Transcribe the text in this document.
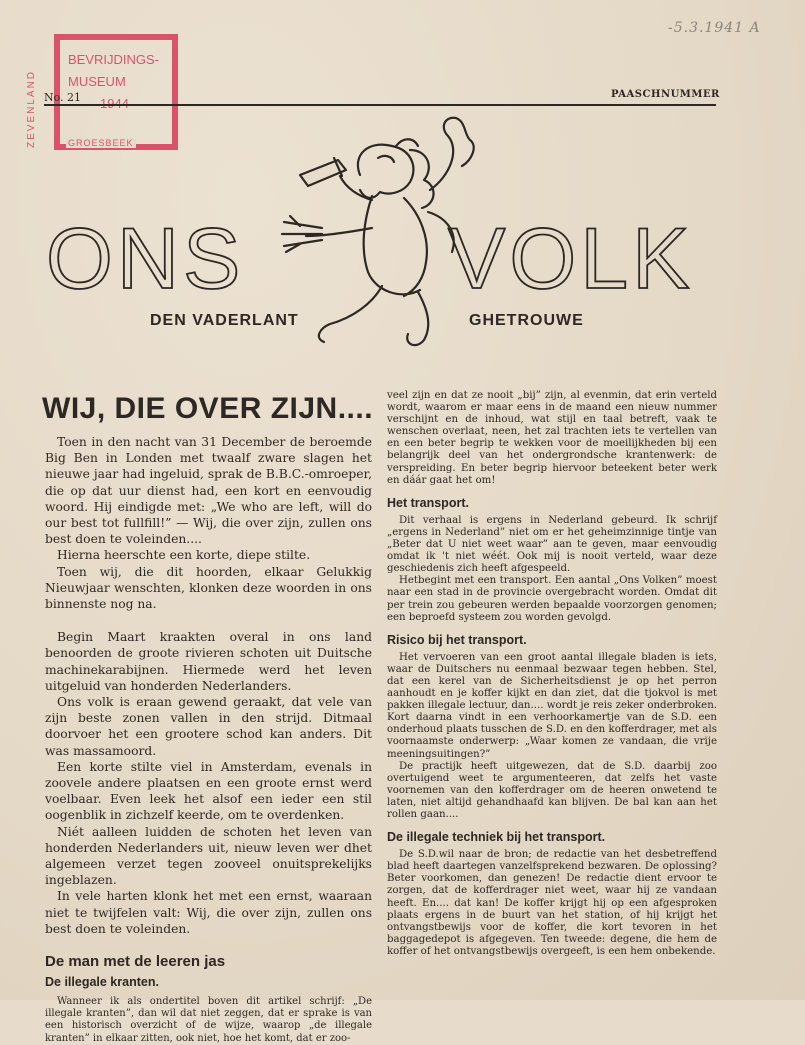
-5.3.1941 A
ZEVENLAND
BEVRIJDINGS-
MUSEUM
GROESBEEK
No. 21	PAASCHNUMMER
ONS VOLK
DEN VADERLANT	GHETROUWE
WIJ, DIE OVER ZIJN....

Toen in den nacht van 31 December de beroemde Big Ben in Londen met twaalf zware slagen het nieuwe jaar had ingeluid, sprak de B.B.C.-omroeper, die op dat uur dienst had, een kort en eenvoudig woord. Hij eindigde met: „We who are left, will do our best tot fullfill!” — Wij, die over zijn, zullen ons best doen te voleinden....

Hierna heerschte een korte, diepe stilte.

Toen wij, die dit hoorden, elkaar Gelukkig Nieuwjaar wenschten, klonken deze woorden in ons binnenste nog na.

Begin Maart kraakten overal in ons land benoorden de groote rivieren schoten uit Duitsche machinekarabijnen. Hiermede werd het leven uitgeluid van honderden Nederlanders.

Ons volk is eraan gewend geraakt, dat vele van zijn beste zonen vallen in den strijd. Ditmaal doorvoer het een grootere schod kan anders. Dit was massamoord.

Een korte stilte viel in Amsterdam, evenals in zoovele andere plaatsen en een groote ernst werd voelbaar. Even leek het alsof een ieder een stil oogenblik in zichzelf keerde, om te overdenken.

Niét aalleen luidden de schoten het leven van honderden Nederlanders uit, nieuw leven wer dhet algemeen verzet tegen zooveel onuitsprekelijks ingeblazen.

In vele harten klonk het met een ernst, waaraan niet te twijfelen valt: Wij, die over zijn, zullen ons best doen te voleinden.

De man met de leeren jas
De illegale kranten.

Wanneer ik als ondertitel boven dit artikel schrijf: „De illegale kranten”, dan wil dat niet zeggen, dat er sprake is van een historisch overzicht of de wijze, waarop „de illegale kranten” in elkaar zitten, ook niet, hoe het komt, dat er zoo-

veel zijn en dat ze nooit „bij” zijn, al evenmin, dat erin verteld wordt, waarom er maar eens in de maand een nieuw nummer verschijnt en de inhoud, wat stijl en taal betreft, vaak te wenschen overlaat, neen, het zal trachten iets te vertellen van en een beter begrip te wekken voor de moeilijkheden bij een belangrijk deel van het ondergrondsche krantenwerk: de verspreiding. En beter begrip hiervoor beteekent beter werk en dáár gaat het om!

Het transport.

Dit verhaal is ergens in Nederland gebeurd. Ik schrijf „ergens in Nederland” niet om er het geheimzinnige tintje van „Beter dat U niet weet waar” aan te geven, maar eenvoudig omdat ik 't niet wéét. Ook mij is nooit verteld, waar deze geschiedenis zich heeft afgespeeld.

Hetbegint met een transport. Een aantal „Ons Volken” moest naar een stad in de provincie overgebracht worden. Omdat dit per trein zou gebeuren werden bepaalde voorzorgen genomen; een beproefd systeem zou worden gevolgd.

Risico bij het transport.

Het vervoeren van een groot aantal illegale bladen is iets, waar de Duitschers nu eenmaal bezwaar tegen hebben. Stel, dat een kerel van de Sicherheitsdienst je op het perron aanhoudt en je koffer kijkt en dan ziet, dat die tjokvol is met pakken illegale lectuur, dan.... wordt je reis zeker onderbroken. Kort daarna vindt in een verhoorkamertje van de S.D. een onderhoud plaats tusschen de S.D. en den kofferdrager, met als voornaamste onderwerp: „Waar komen ze vandaan, die vrije meeningsuitingen?”

De practijk heeft uitgewezen, dat de S.D. daarbij zoo overtuigend weet te argumenteeren, dat zelfs het vaste voornemen van den kofferdrager om de heeren onwetend te laten, niet altijd gehandhaafd kan blijven. De bal kan aan het rollen gaan....

De illegale techniek bij het transport.

De S.D.wil naar de bron; de redactie van het desbetreffend blad heeft daartegen vanzelfsprekend bezwaren. De oplossing? Beter voorkomen, dan genezen! De redactie dient ervoor te zorgen, dat de kofferdrager niet weet, waar hij ze vandaan heeft. En.... dat kan! De koffer krijgt hij op een afgesproken plaats ergens in de buurt van het station, of hij krijgt het ontvangstbewijs voor de koffer, die kort tevoren in het baggagedepot is afgegeven. Ten tweede: degene, die hem de koffer of het ontvangstbewijs overgeeft, is een hem onbekende.
